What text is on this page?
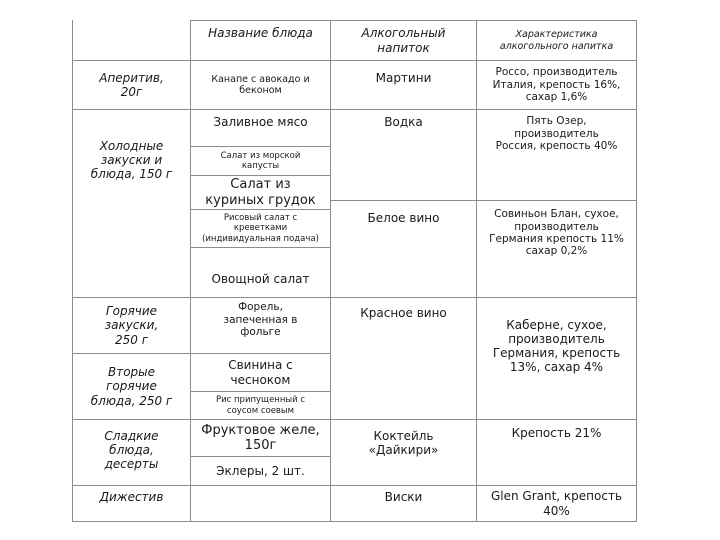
Название блюда	Алкогольный напиток
Характеристика алкогольного напитка
Аперитив, 20г
Холодные закуски и блюда, 150 г
Горячие закуски, 250 г
Вторые горячие блюда, 250 г
Сладкие блюда, десерты
Дижестив
Канапе с авокадо и беконом
Заливное мясо
Салат из морской капусты
Салат из куриных грудок
Рисовый салат с креветками (индивидуальная подача)
Овощной салат
Форель, запеченная в фольге
Свинина с чесноком
Рис припущенный с соусом соевым
Фруктовое желе, 150г
Эклеры, 2 шт.
Мартини
Водка
Белое вино
Красное вино
Коктейль «Дайкири»
Виски
Россо, производитель Италия, крепость 16%, сахар 1,6%
Пять Озер, производитель Россия, крепость 40%
Совиньон Блан, сухое, производитель Германия крепость 11% сахар 0,2%
Каберне, сухое, производитель Германия, крепость 13%, сахар 4%
Крепость 21%
Glen Grant, крепость 40%
